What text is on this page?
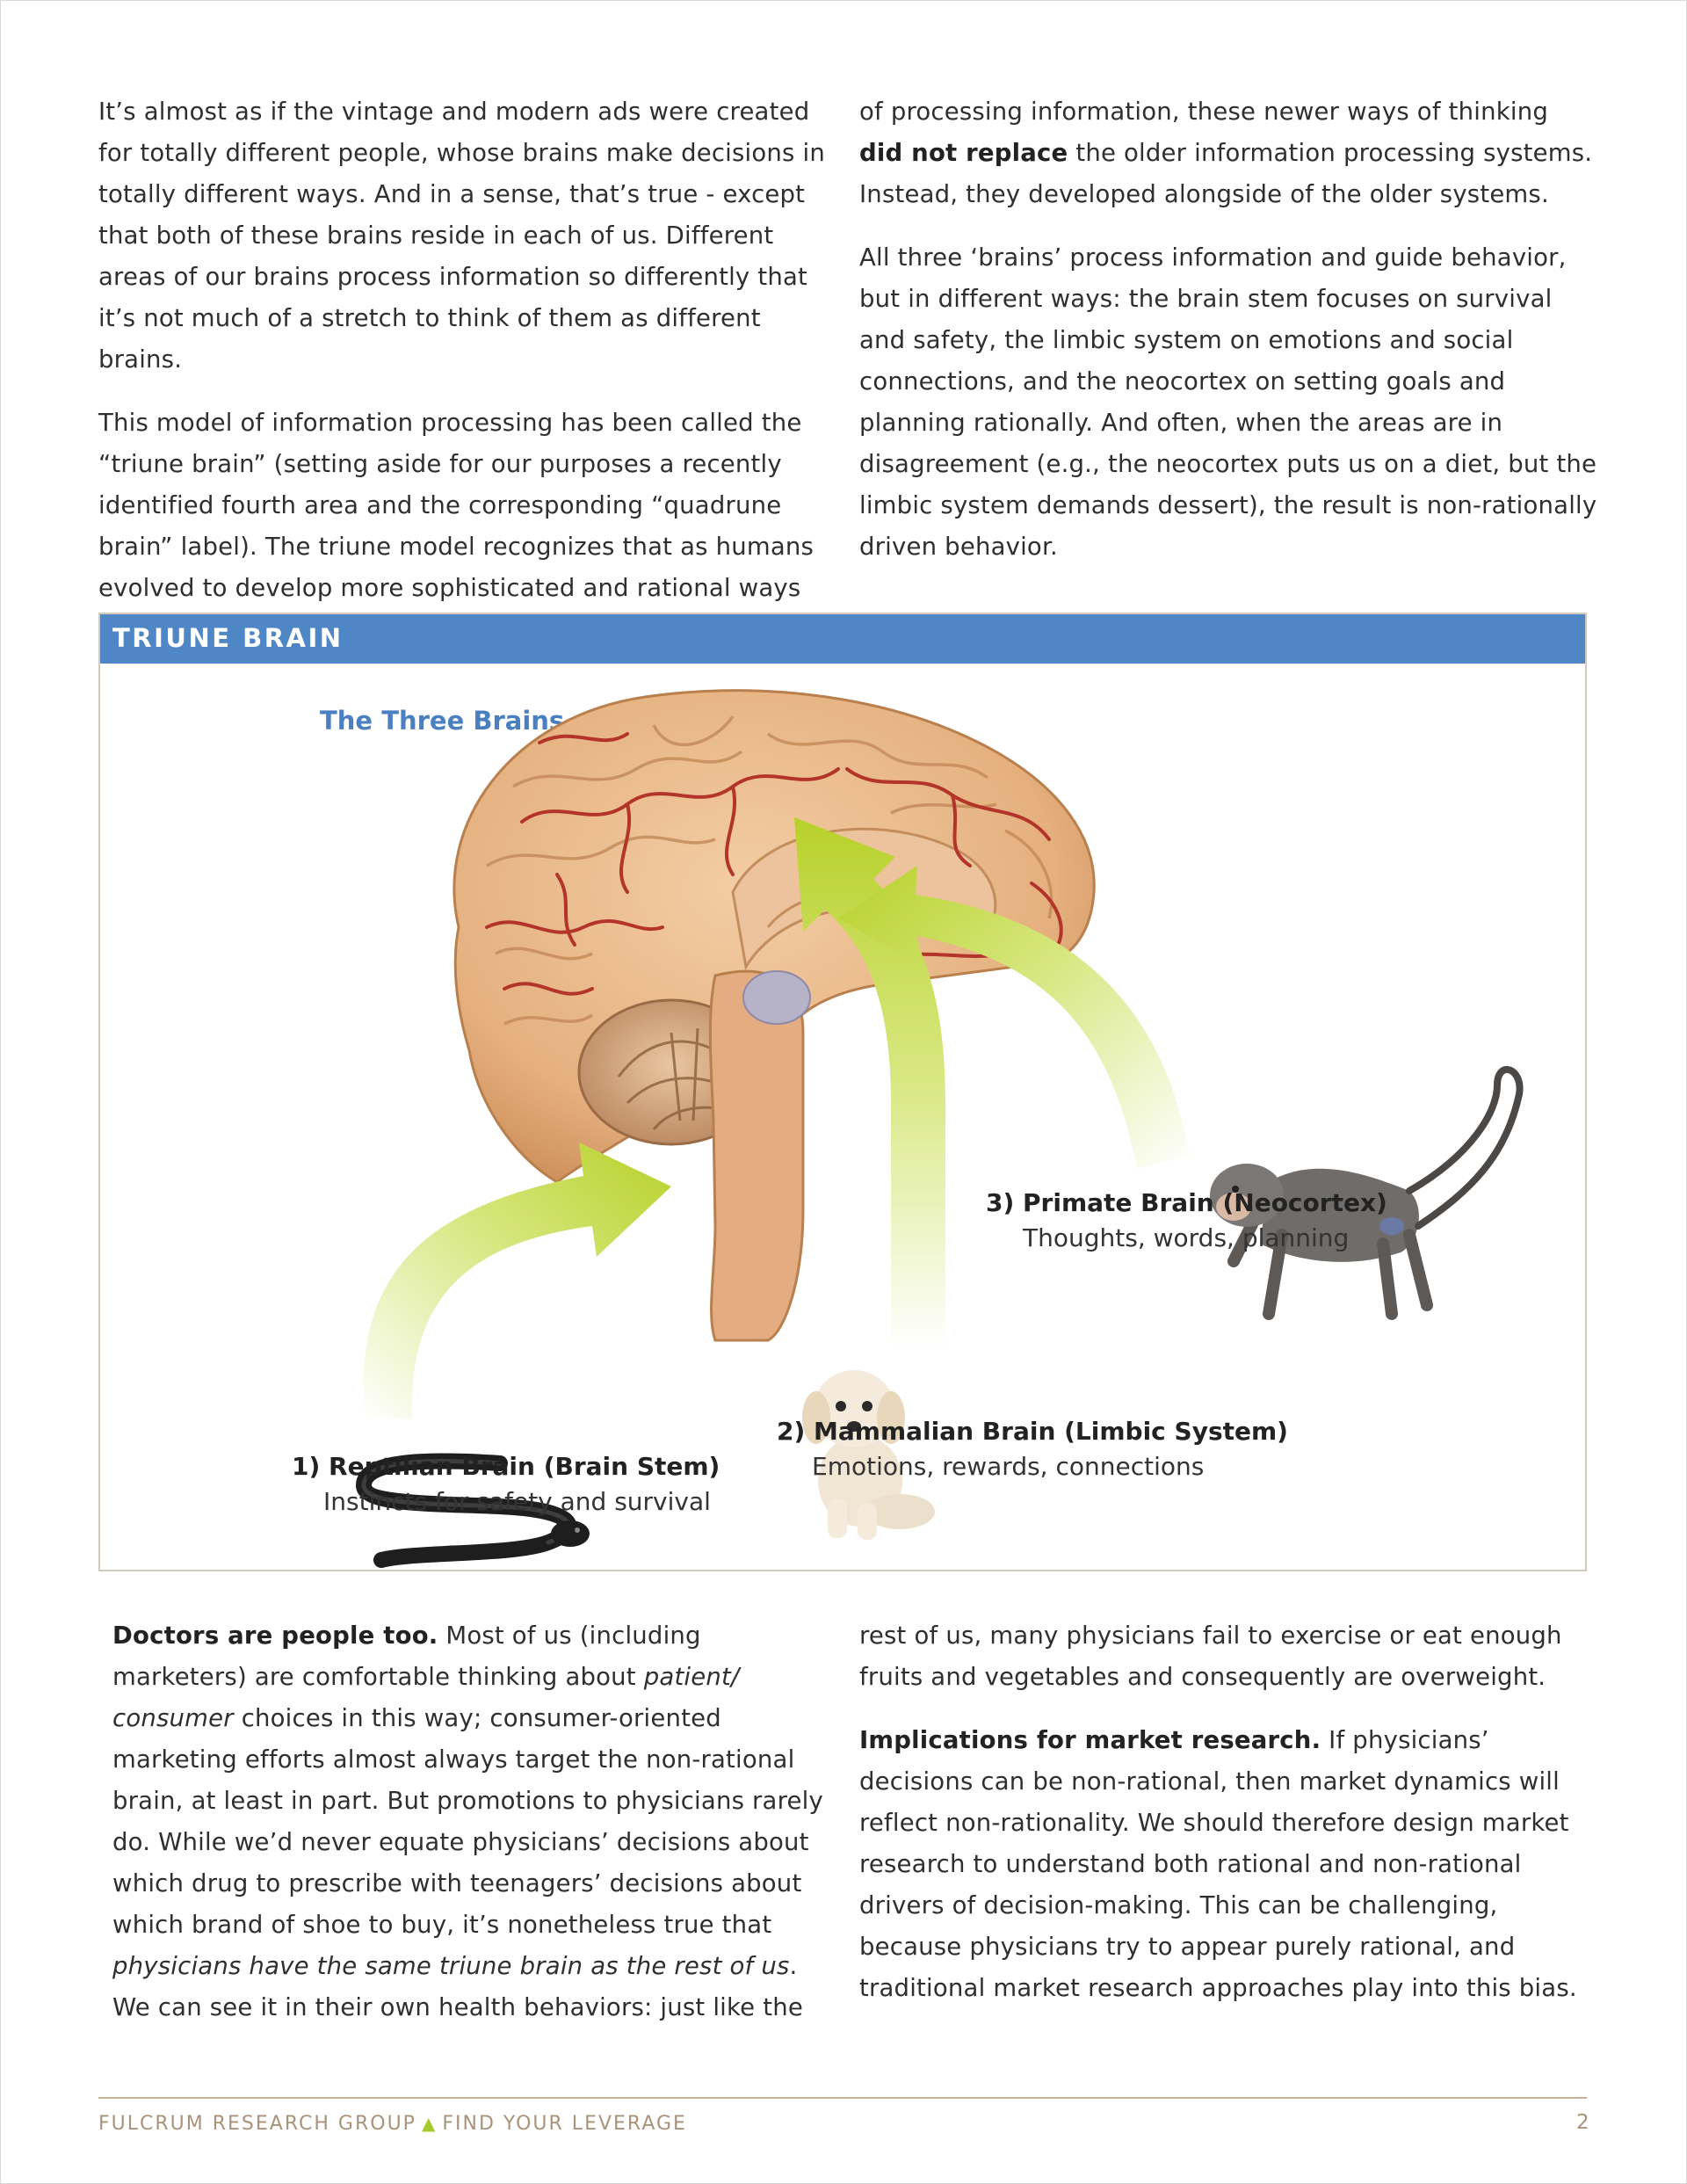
It’s almost as if the vintage and modern ads were created for totally different people, whose brains make decisions in totally different ways. And in a sense, that’s true - except that both of these brains reside in each of us. Different areas of our brains process information so differently that it’s not much of a stretch to think of them as different brains.

This model of information processing has been called the “triune brain” (setting aside for our purposes a recently identified fourth area and the corresponding “quadrune brain” label). The triune model recognizes that as humans evolved to develop more sophisticated and rational ways

of processing information, these newer ways of thinking did not replace the older information processing systems. Instead, they developed alongside of the older systems.

All three ‘brains’ process information and guide behavior, but in different ways: the brain stem focuses on survival and safety, the limbic system on emotions and social connections, and the neocortex on setting goals and planning rationally. And often, when the areas are in disagreement (e.g., the neocortex puts us on a diet, but the limbic system demands dessert), the result is non-rationally driven behavior.

TRIUNE BRAIN
The Three Brains
1) Reptilian Brain (Brain Stem)
Instincts for safety and survival
2) Mammalian Brain (Limbic System)
Emotions, rewards, connections
3) Primate Brain (Neocortex)
Thoughts, words, planning

Doctors are people too. Most of us (including marketers) are comfortable thinking about patient/ consumer choices in this way; consumer-oriented marketing efforts almost always target the non-rational brain, at least in part. But promotions to physicians rarely do. While we’d never equate physicians’ decisions about which drug to prescribe with teenagers’ decisions about which brand of shoe to buy, it’s nonetheless true that physicians have the same triune brain as the rest of us. We can see it in their own health behaviors: just like the

rest of us, many physicians fail to exercise or eat enough fruits and vegetables and consequently are overweight.

Implications for market research. If physicians’ decisions can be non-rational, then market dynamics will reflect non-rationality. We should therefore design market research to understand both rational and non-rational drivers of decision-making. This can be challenging, because physicians try to appear purely rational, and traditional market research approaches play into this bias.

FULCRUM RESEARCH GROUP ▲ FIND YOUR LEVERAGE	2
